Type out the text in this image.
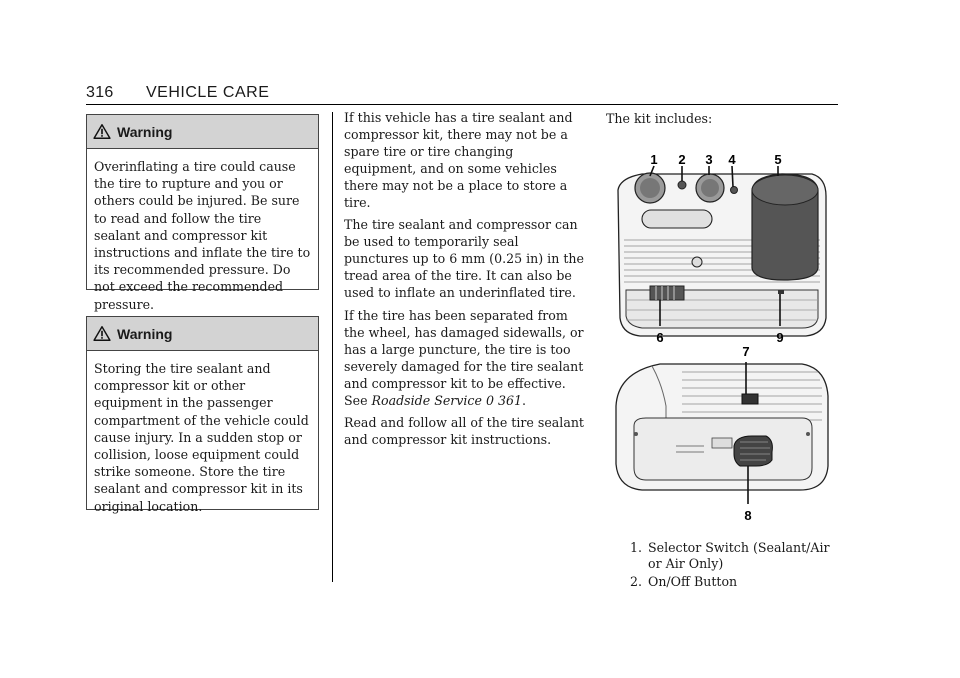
316 VEHICLE CARE
Warning
Overinflating a tire could cause the tire to rupture and you or others could be injured. Be sure to read and follow the tire sealant and compressor kit instructions and inflate the tire to its recommended pressure. Do not exceed the recommended pressure.
Warning
Storing the tire sealant and compressor kit or other equipment in the passenger compartment of the vehicle could cause injury. In a sudden stop or collision, loose equipment could strike someone. Store the tire sealant and compressor kit in its original location.

If this vehicle has a tire sealant and compressor kit, there may not be a spare tire or tire changing equipment, and on some vehicles there may not be a place to store a tire.

The tire sealant and compressor can be used to temporarily seal punctures up to 6 mm (0.25 in) in the tread area of the tire. It can also be used to inflate an underinflated tire.

If the tire has been separated from the wheel, has damaged sidewalls, or has a large puncture, the tire is too severely damaged for the tire sealant and compressor kit to be effective. See Roadside Service 0 361.

Read and follow all of the tire sealant and compressor kit instructions.

The kit includes:
1 2 3 4	5
6	9
7
8
1. Selector Switch (Sealant/Air or Air Only)
2. On/Off Button
